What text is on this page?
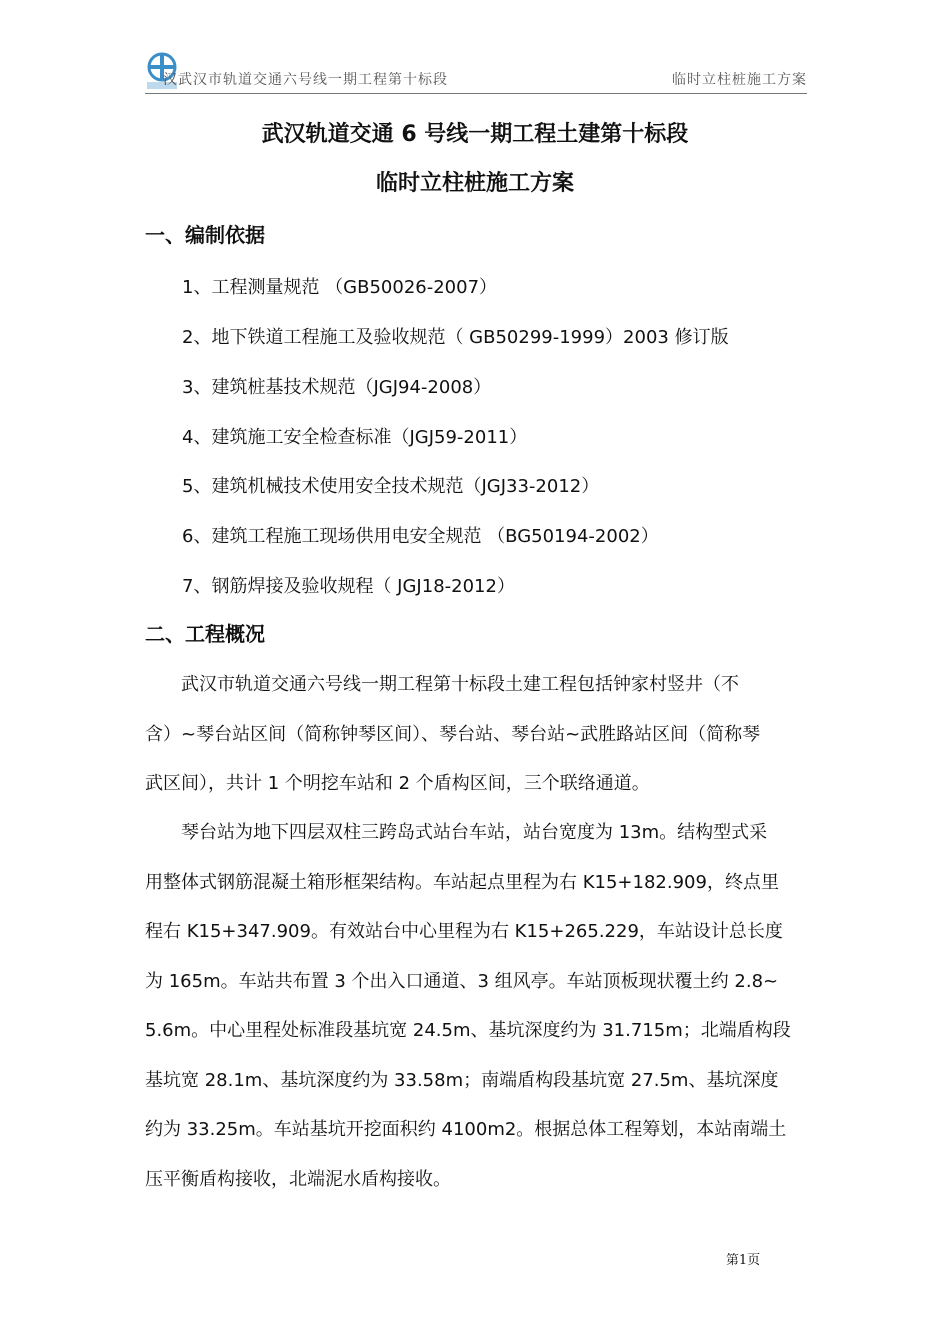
汉武汉市轨道交通六号线一期工程第十标段	临时立柱桩施工方案
武汉轨道交通 6 号线一期工程土建第十标段
临时立柱桩施工方案
一、编制依据
1、工程测量规范 （GB50026-2007）
2、地下铁道工程施工及验收规范（ GB50299-1999）2003 修订版
3、建筑桩基技术规范（JGJ94-2008）
4、建筑施工安全检查标准（JGJ59-2011）
5、建筑机械技术使用安全技术规范（JGJ33-2012）
6、建筑工程施工现场供用电安全规范 （BG50194-2002）
7、钢筋焊接及验收规程（ JGJ18-2012）
二、工程概况
　　武汉市轨道交通六号线一期工程第十标段土建工程包括钟家村竖井（不
含）~琴台站区间（简称钟琴区间）、琴台站、琴台站~武胜路站区间（简称琴
武区间），共计 1 个明挖车站和 2 个盾构区间，三个联络通道。
　　琴台站为地下四层双柱三跨岛式站台车站，站台宽度为 13m。结构型式采
用整体式钢筋混凝土箱形框架结构。车站起点里程为右 K15+182.909，终点里
程右 K15+347.909。有效站台中心里程为右 K15+265.229，车站设计总长度
为 165m。车站共布置 3 个出入口通道、3 组风亭。车站顶板现状覆土约 2.8~
5.6m。中心里程处标准段基坑宽 24.5m、基坑深度约为 31.715m；北端盾构段
基坑宽 28.1m、基坑深度约为 33.58m；南端盾构段基坑宽 27.5m、基坑深度
约为 33.25m。车站基坑开挖面积约 4100m2。根据总体工程筹划，本站南端土
压平衡盾构接收，北端泥水盾构接收。
第1页
